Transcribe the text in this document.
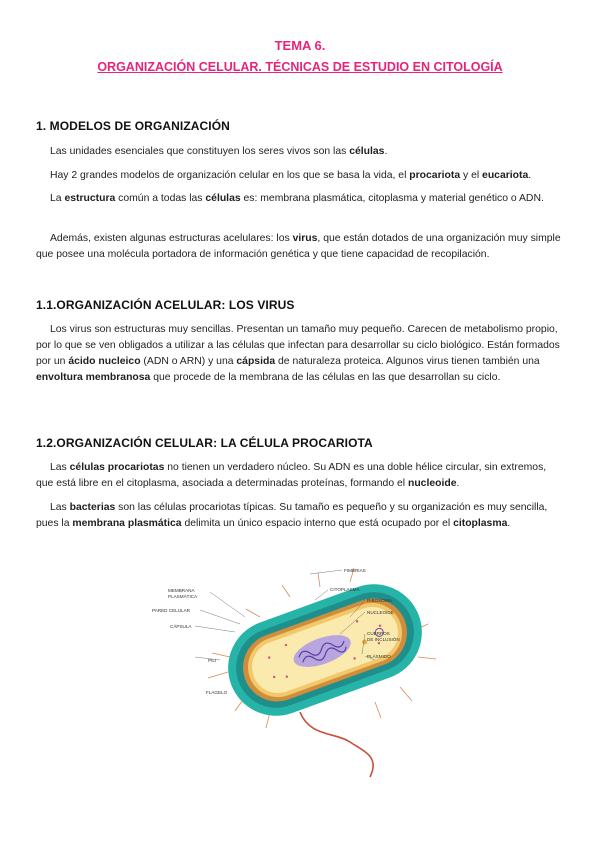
TEMA 6.
ORGANIZACIÓN CELULAR. TÉCNICAS DE ESTUDIO EN CITOLOGÍA
1. MODELOS DE ORGANIZACIÓN

Las unidades esenciales que constituyen los seres vivos son las células.

Hay 2 grandes modelos de organización celular en los que se basa la vida, el procariota y el eucariota.

La estructura común a todas las células es: membrana plasmática, citoplasma y material genético o ADN.

Además, existen algunas estructuras acelulares: los virus, que están dotados de una organización muy simple que posee una molécula portadora de información genética y que tiene capacidad de recopilación.

1.1.ORGANIZACIÓN ACELULAR: LOS VIRUS

Los virus son estructuras muy sencillas. Presentan un tamaño muy pequeño. Carecen de metabolismo propio, por lo que se ven obligados a utilizar a las células que infectan para desarrollar su ciclo biológico. Están formados por un ácido nucleico (ADN o ARN) y una cápsida de naturaleza proteica. Algunos virus tienen también una envoltura membranosa que procede de la membrana de las células en las que desarrollan su ciclo.

1.2.ORGANIZACIÓN CELULAR: LA CÉLULA PROCARIOTA

Las células procariotas no tienen un verdadero núcleo. Su ADN es una doble hélice circular, sin extremos, que está libre en el citoplasma, asociada a determinadas proteínas, formando el nucleoide.

Las bacterias son las células procariotas típicas. Su tamaño es pequeño y su organización es muy sencilla, pues la membrana plasmática delimita un único espacio interno que está ocupado por el citoplasma.

FIMBRIAS
CITOPLASMA
RIBOSOMA
NUCLEOIDE
CUERPOS
DE INCLUSIÓN
PLÁSMIDO
MEMBRANA
PLASMÁTICA
PARED CELULAR
CÁPSULA
PILI
FLAGELO
